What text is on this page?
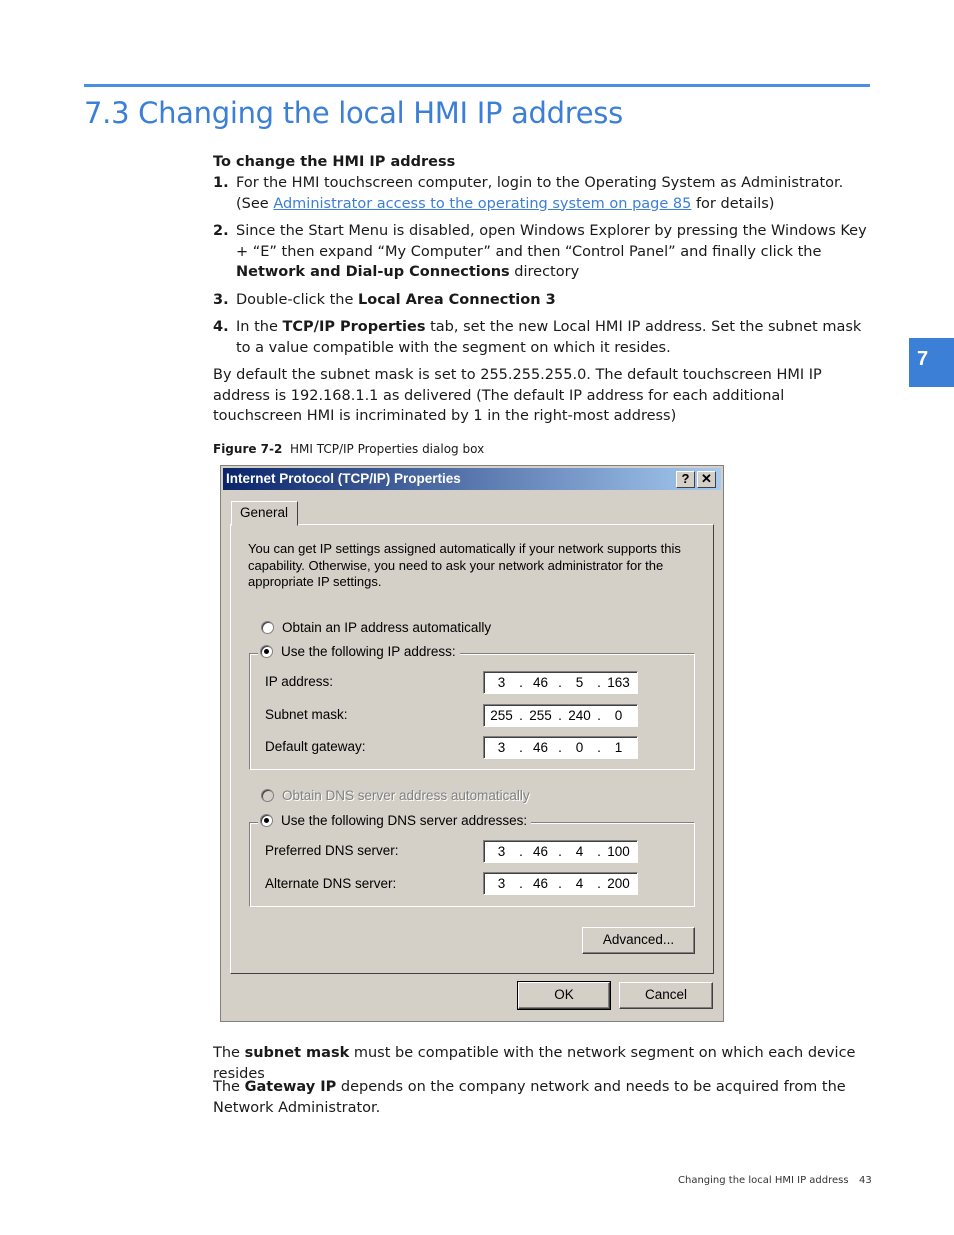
7.3 Changing the local HMI IP address
7
To change the HMI IP address
1. For the HMI touchscreen computer, login to the Operating System as Administrator. (See Administrator access to the operating system on page 85 for details)
2. Since the Start Menu is disabled, open Windows Explorer by pressing the Windows Key + “E” then expand “My Computer” and then “Control Panel” and finally click the Network and Dial-up Connections directory
3. Double-click the Local Area Connection 3
4. In the TCP/IP Properties tab, set the new Local HMI IP address. Set the subnet mask to a value compatible with the segment on which it resides.

By default the subnet mask is set to 255.255.255.0. The default touchscreen HMI IP address is 192.168.1.1 as delivered (The default IP address for each additional touchscreen HMI is incriminated by 1 in the right-most address)

Figure 7-2 HMI TCP/IP Properties dialog box
Internet Protocol (TCP/IP) Properties	? ✕
General
You can get IP settings assigned automatically if your network supports this capability. Otherwise, you need to ask your network administrator for the appropriate IP settings.
Obtain an IP address automatically
Use the following IP address:
IP address:	3	. 46 .	5	. 163
Subnet mask:	255 . 255 . 240 .	0
Default gateway:	3	. 46 .	0	.	1
Obtain DNS server address automatically
Use the following DNS server addresses:
Preferred DNS server:	3	. 46 .	4	. 100
Alternate DNS server:	3	. 46 .	4	. 200
Advanced...
OK	Cancel

The subnet mask must be compatible with the network segment on which each device resides

The Gateway IP depends on the company network and needs to be acquired from the Network Administrator.

Changing the local HMI IP address 43
